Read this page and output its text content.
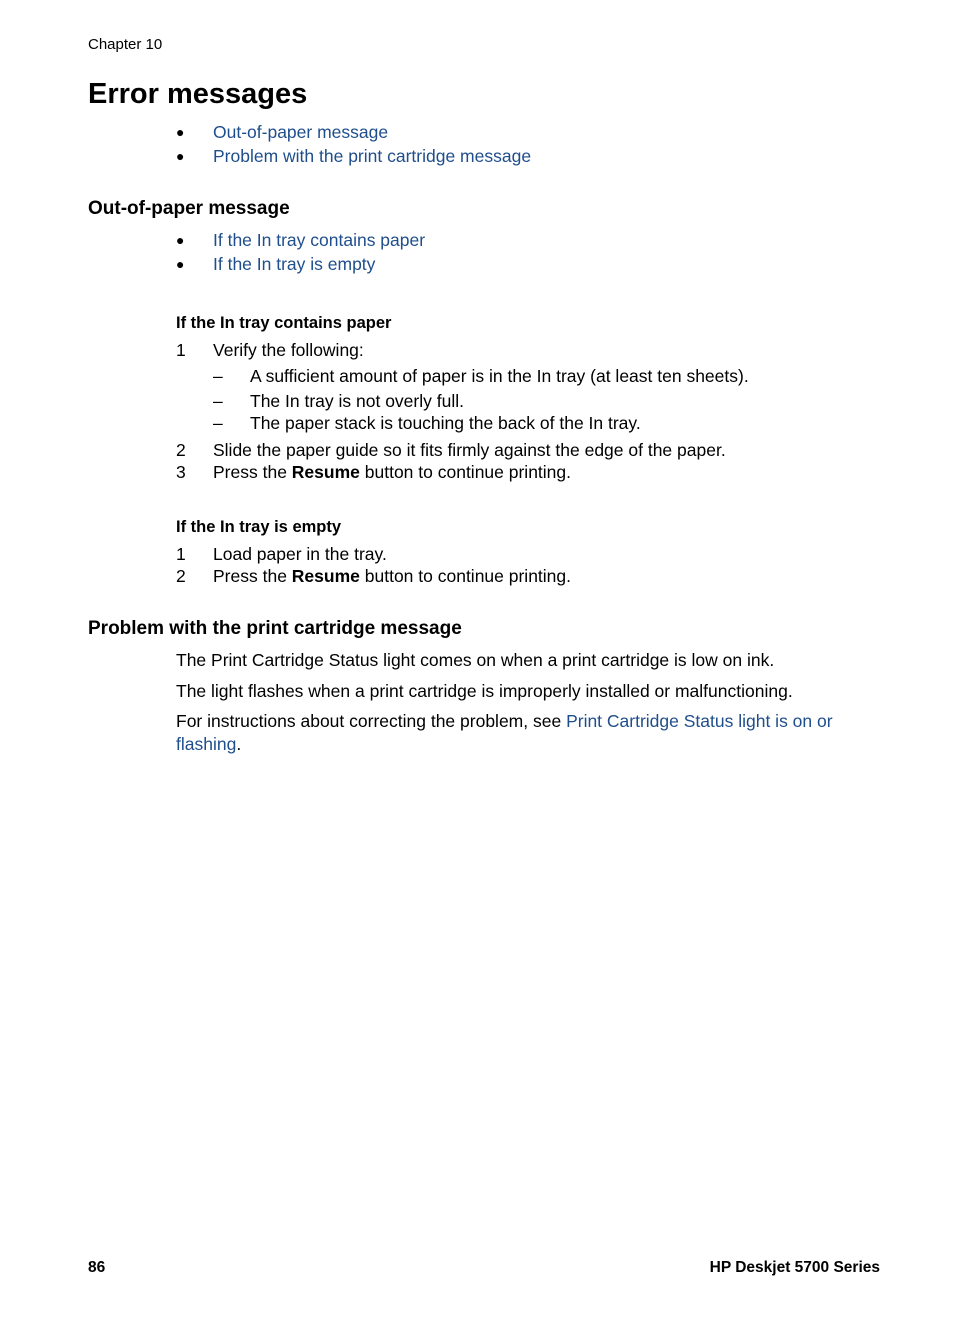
Chapter 10
Error messages
● Out-of-paper message
● Problem with the print cartridge message
Out-of-paper message
● If the In tray contains paper
● If the In tray is empty
If the In tray contains paper
1 Verify the following:
– A sufficient amount of paper is in the In tray (at least ten sheets).
– The In tray is not overly full.
– The paper stack is touching the back of the In tray.
2 Slide the paper guide so it fits firmly against the edge of the paper.
3 Press the Resume button to continue printing.
If the In tray is empty
1 Load paper in the tray.
2 Press the Resume button to continue printing.
Problem with the print cartridge message
The Print Cartridge Status light comes on when a print cartridge is low on ink.
The light flashes when a print cartridge is improperly installed or malfunctioning.
For instructions about correcting the problem, see Print Cartridge Status light is on or
flashing.
86	HP Deskjet 5700 Series
